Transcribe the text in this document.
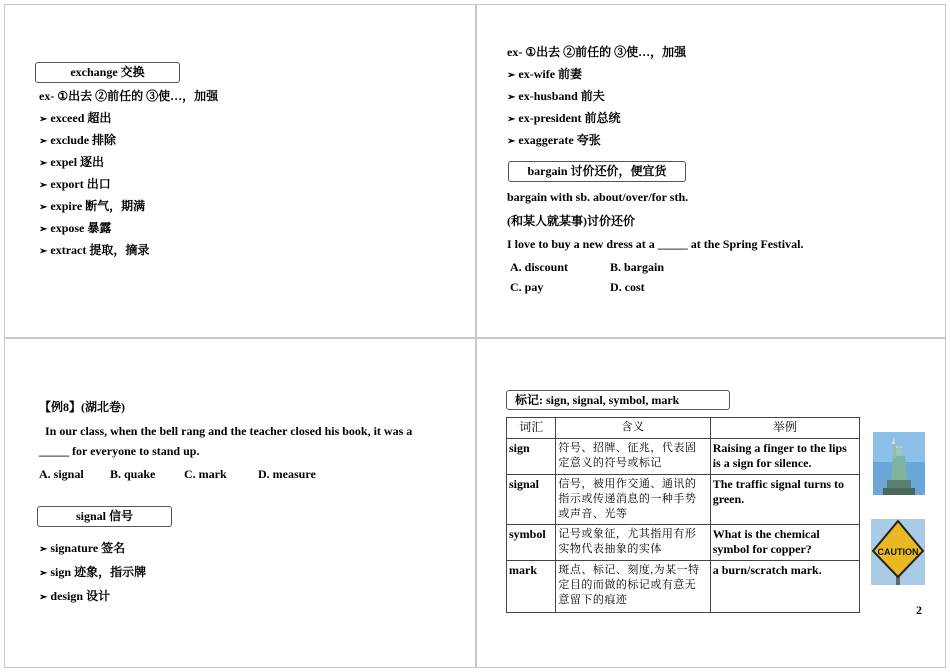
exchange 交换
ex- ①出去 ②前任的 ③使…，加强
➢ exceed 超出
➢ exclude 排除
➢ expel 逐出
➢ export 出口
➢ expire 断气，期满
➢ expose 暴露
➢ extract 提取，摘录
ex- ①出去 ②前任的 ③使…，加强
➢ ex-wife 前妻
➢ ex-husband 前夫
➢ ex-president 前总统
➢ exaggerate 夸张
bargain 讨价还价，便宜货
bargain with sb. about/over/for sth.
(和某人就某事)讨价还价
I love to buy a new dress at a _____ at the Spring Festival.
A. discount	B. bargain
C. pay	D. cost
【例8】(湖北卷)
In our class, when the bell rang and the teacher closed his book, it was a
_____ for everyone to stand up.
A. signal B. quake C. mark	D. measure
signal 信号
➢ signature 签名
➢ sign 迹象，指示牌
➢ design 设计
标记: sign, signal, symbol, mark
词汇	含义	举例
sign	符号、招牌、征兆，代表固定意义的符号或标记	Raising a finger to the lips is a sign for silence.
signal	信号，被用作交通、通讯的指示或传递消息的一种手势或声音、光等	The traffic signal turns to green.
symbol	记号或象征，尤其指用有形实物代表抽象的实体	What is the chemical symbol for copper?
mark	斑点、标记、刻度,为某一特定目的而做的标记或有意无意留下的痕迹	a burn/scratch mark.
CAUTION
2
